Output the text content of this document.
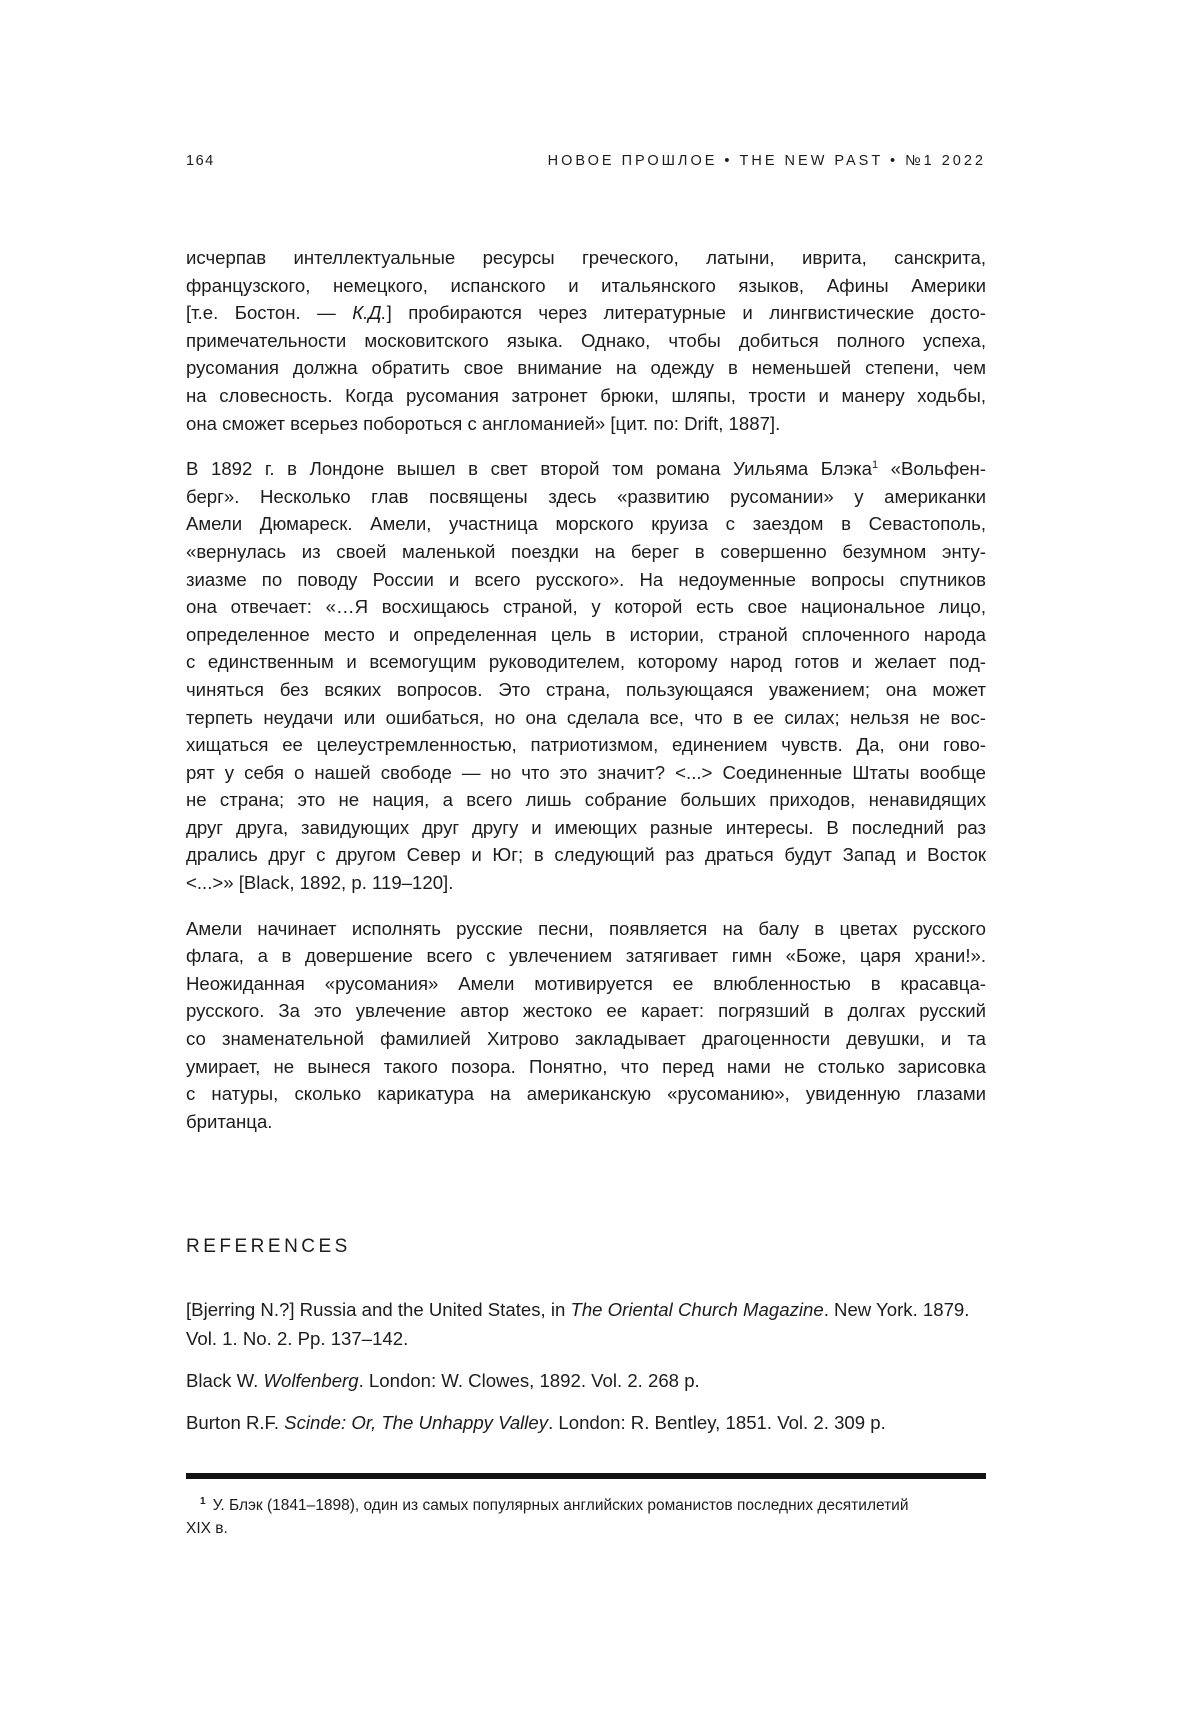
164	НОВОЕ ПРОШЛОЕ • THE NEW PAST • №1 2022
исчерпав интеллектуальные ресурсы греческого, латыни, иврита, санскрита,
французского, немецкого, испанского и итальянского языков, Афины Америки
[т.е. Бостон. — К.Д.] пробираются через литературные и лингвистические досто-
примечательности московитского языка. Однако, чтобы добиться полного успеха,
русомания должна обратить свое внимание на одежду в неменьшей степени, чем
на словесность. Когда русомания затронет брюки, шляпы, трости и манеру ходьбы,
она сможет всерьез побороться с англоманией» [цит. по: Drift, 1887].
В 1892 г. в Лондоне вышел в свет второй том романа Уильяма Блэка$^1$ «Вольфен-
берг». Несколько глав посвящены здесь «развитию русомании» у американки
Амели Дюмареск. Амели, участница морского круиза с заездом в Севастополь,
«вернулась из своей маленькой поездки на берег в совершенно безумном энту-
зиазме по поводу России и всего русского». На недоуменные вопросы спутников
она отвечает: «…Я восхищаюсь страной, у которой есть свое национальное лицо,
определенное место и определенная цель в истории, страной сплоченного народа
с единственным и всемогущим руководителем, которому народ готов и желает под-
чиняться без всяких вопросов. Это страна, пользующаяся уважением; она может
терпеть неудачи или ошибаться, но она сделала все, что в ее силах; нельзя не вос-
хищаться ее целеустремленностью, патриотизмом, единением чувств. Да, они гово-
рят у себя о нашей свободе — но что это значит? <...> Соединенные Штаты вообще
не страна; это не нация, а всего лишь собрание больших приходов, ненавидящих
друг друга, завидующих друг другу и имеющих разные интересы. В последний раз
дрались друг с другом Север и Юг; в следующий раз драться будут Запад и Восток
<...>» [Black, 1892, p. 119–120].
Амели начинает исполнять русские песни, появляется на балу в цветах русского
флага, а в довершение всего с увлечением затягивает гимн «Боже, царя храни!».
Неожиданная «русомания» Амели мотивируется ее влюбленностью в красавца-
русского. За это увлечение автор жестоко ее карает: погрязший в долгах русский
со знаменательной фамилией Хитрово закладывает драгоценности девушки, и та
умирает, не вынеся такого позора. Понятно, что перед нами не столько зарисовка
с натуры, сколько карикатура на американскую «русоманию», увиденную глазами
британца.
REFERENCES

[Bjerring N.?] Russia and the United States, in The Oriental Church Magazine. New York. 1879. Vol. 1. No. 2. Pp. 137–142.

Black W. Wolfenberg. London: W. Clowes, 1892. Vol. 2. 268 p.

Burton R.F. Scinde: Or, The Unhappy Valley. London: R. Bentley, 1851. Vol. 2. 309 p.

$^1$ У. Блэк (1841–1898), один из самых популярных английских романистов последних десятилетий
XIX в.
